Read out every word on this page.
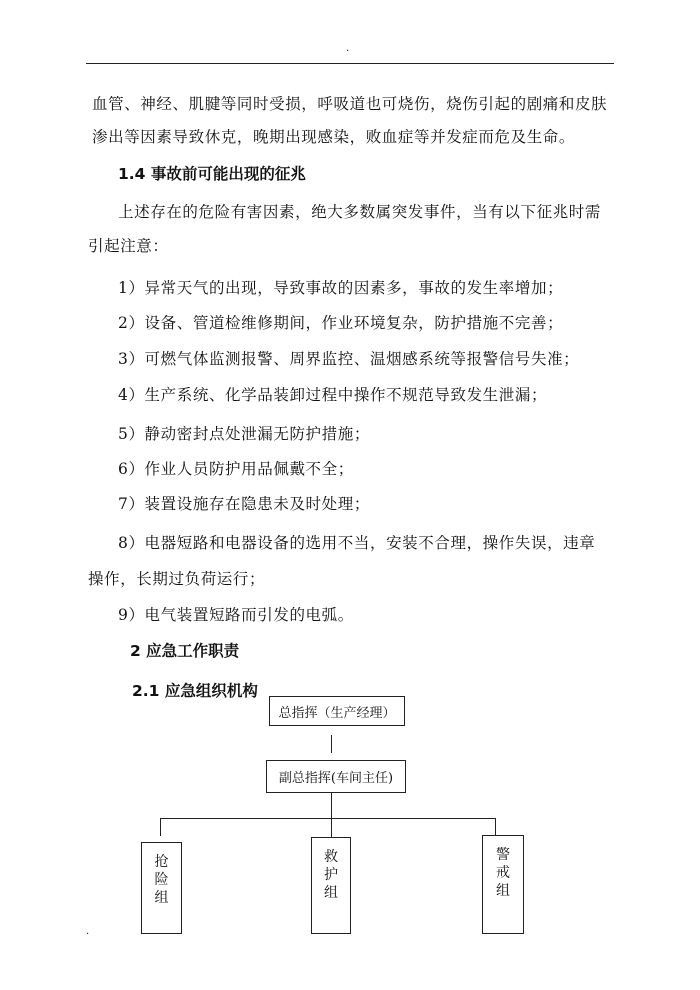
.
血管、神经、肌腱等同时受损，呼吸道也可烧伤，烧伤引起的剧痛和皮肤
渗出等因素导致休克，晚期出现感染，败血症等并发症而危及生命。
1.4 事故前可能出现的征兆
上述存在的危险有害因素，绝大多数属突发事件，当有以下征兆时需
引起注意：
1）异常天气的出现，导致事故的因素多，事故的发生率增加；
2）设备、管道检维修期间，作业环境复杂，防护措施不完善；
3）可燃气体监测报警、周界监控、温烟感系统等报警信号失准；
4）生产系统、化学品装卸过程中操作不规范导致发生泄漏；
5）静动密封点处泄漏无防护措施；
6）作业人员防护用品佩戴不全；
7）装置设施存在隐患未及时处理；
8）电器短路和电器设备的选用不当，安装不合理，操作失误，违章
操作，长期过负荷运行；
9）电气装置短路而引发的电弧。
2 应急工作职责
2.1 应急组织机构
总指挥（生产经理）
副总指挥(车间主任)
抢险组
救护组
警戒组
.
